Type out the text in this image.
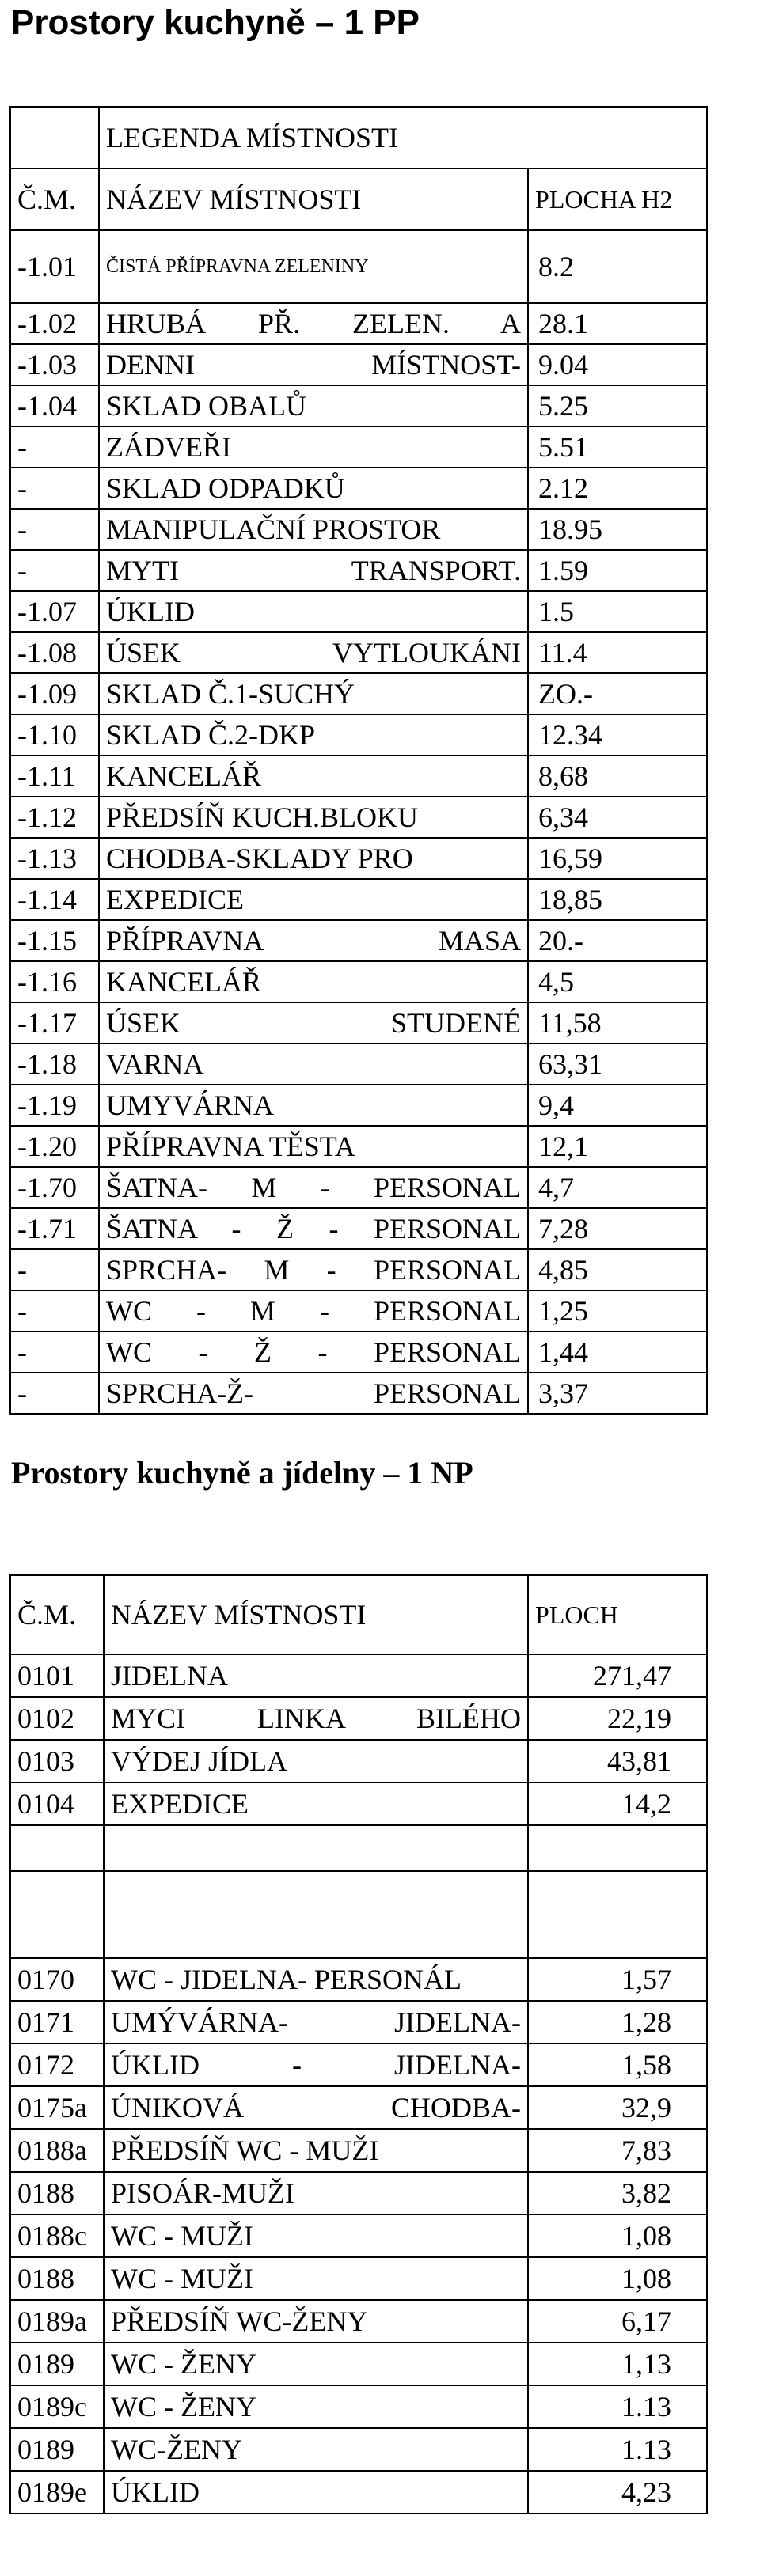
Prostory kuchyně – 1 PP
	LEGENDA MÍSTNOSTI	
Č.M.	NÁZEV MÍSTNOSTI	PLOCHA H2
-1.01	ČISTÁ PŘÍPRAVNA ZELENINY	8.2
-1.02	HRUBÁ PŘ. ZELEN. A	28.1
-1.03	DENNI MÍSTNOST-	9.04
-1.04	SKLAD OBALŮ	5.25
-	ZÁDVEŘI	5.51
-	SKLAD ODPADKŮ	2.12
-	MANIPULAČNÍ PROSTOR	18.95
-	MYTI TRANSPORT.	1.59
-1.07	ÚKLID	1.5
-1.08	ÚSEK VYTLOUKÁNI	11.4
-1.09	SKLAD Č.1-SUCHÝ	ZO.-
-1.10	SKLAD Č.2-DKP	12.34
-1.11	KANCELÁŘ	8,68
-1.12	PŘEDSÍŇ KUCH.BLOKU	6,34
-1.13	CHODBA-SKLADY PRO	16,59
-1.14	EXPEDICE	18,85
-1.15	PŘÍPRAVNA MASA	20.-
-1.16	KANCELÁŘ	4,5
-1.17	ÚSEK STUDENÉ	11,58
-1.18	VARNA	63,31
-1.19	UMYVÁRNA	9,4
-1.20	PŘÍPRAVNA TĚSTA	12,1
-1.70	ŠATNA- M - PERSONAL	4,7
-1.71	ŠATNA - Ž - PERSONAL	7,28
-	SPRCHA- M - PERSONAL	4,85
-	WC - M - PERSONAL	1,25
-	WC - Ž - PERSONAL	1,44
-	SPRCHA-Ž- PERSONAL	3,37
Prostory kuchyně a jídelny – 1 NP
Č.M.	NÁZEV MÍSTNOSTI	PLOCH
0101	JIDELNA	271,47
0102	MYCI LINKA BILÉHO	22,19
0103	VÝDEJ JÍDLA	43,81
0104	EXPEDICE	14,2

0170	WC - JIDELNA- PERSONÁL	1,57
0171	UMÝVÁRNA- JIDELNA-	1,28
0172	ÚKLID - JIDELNA-	1,58
0175a	ÚNIKOVÁ CHODBA-	32,9
0188a	PŘEDSÍŇ WC - MUŽI	7,83
0188	PISOÁR-MUŽI	3,82
0188c	WC - MUŽI	1,08
0188	WC - MUŽI	1,08
0189a	PŘEDSÍŇ WC-ŽENY	6,17
0189	WC - ŽENY	1,13
0189c	WC - ŽENY	1.13
0189	WC-ŽENY	1.13
0189e	ÚKLID	4,23
